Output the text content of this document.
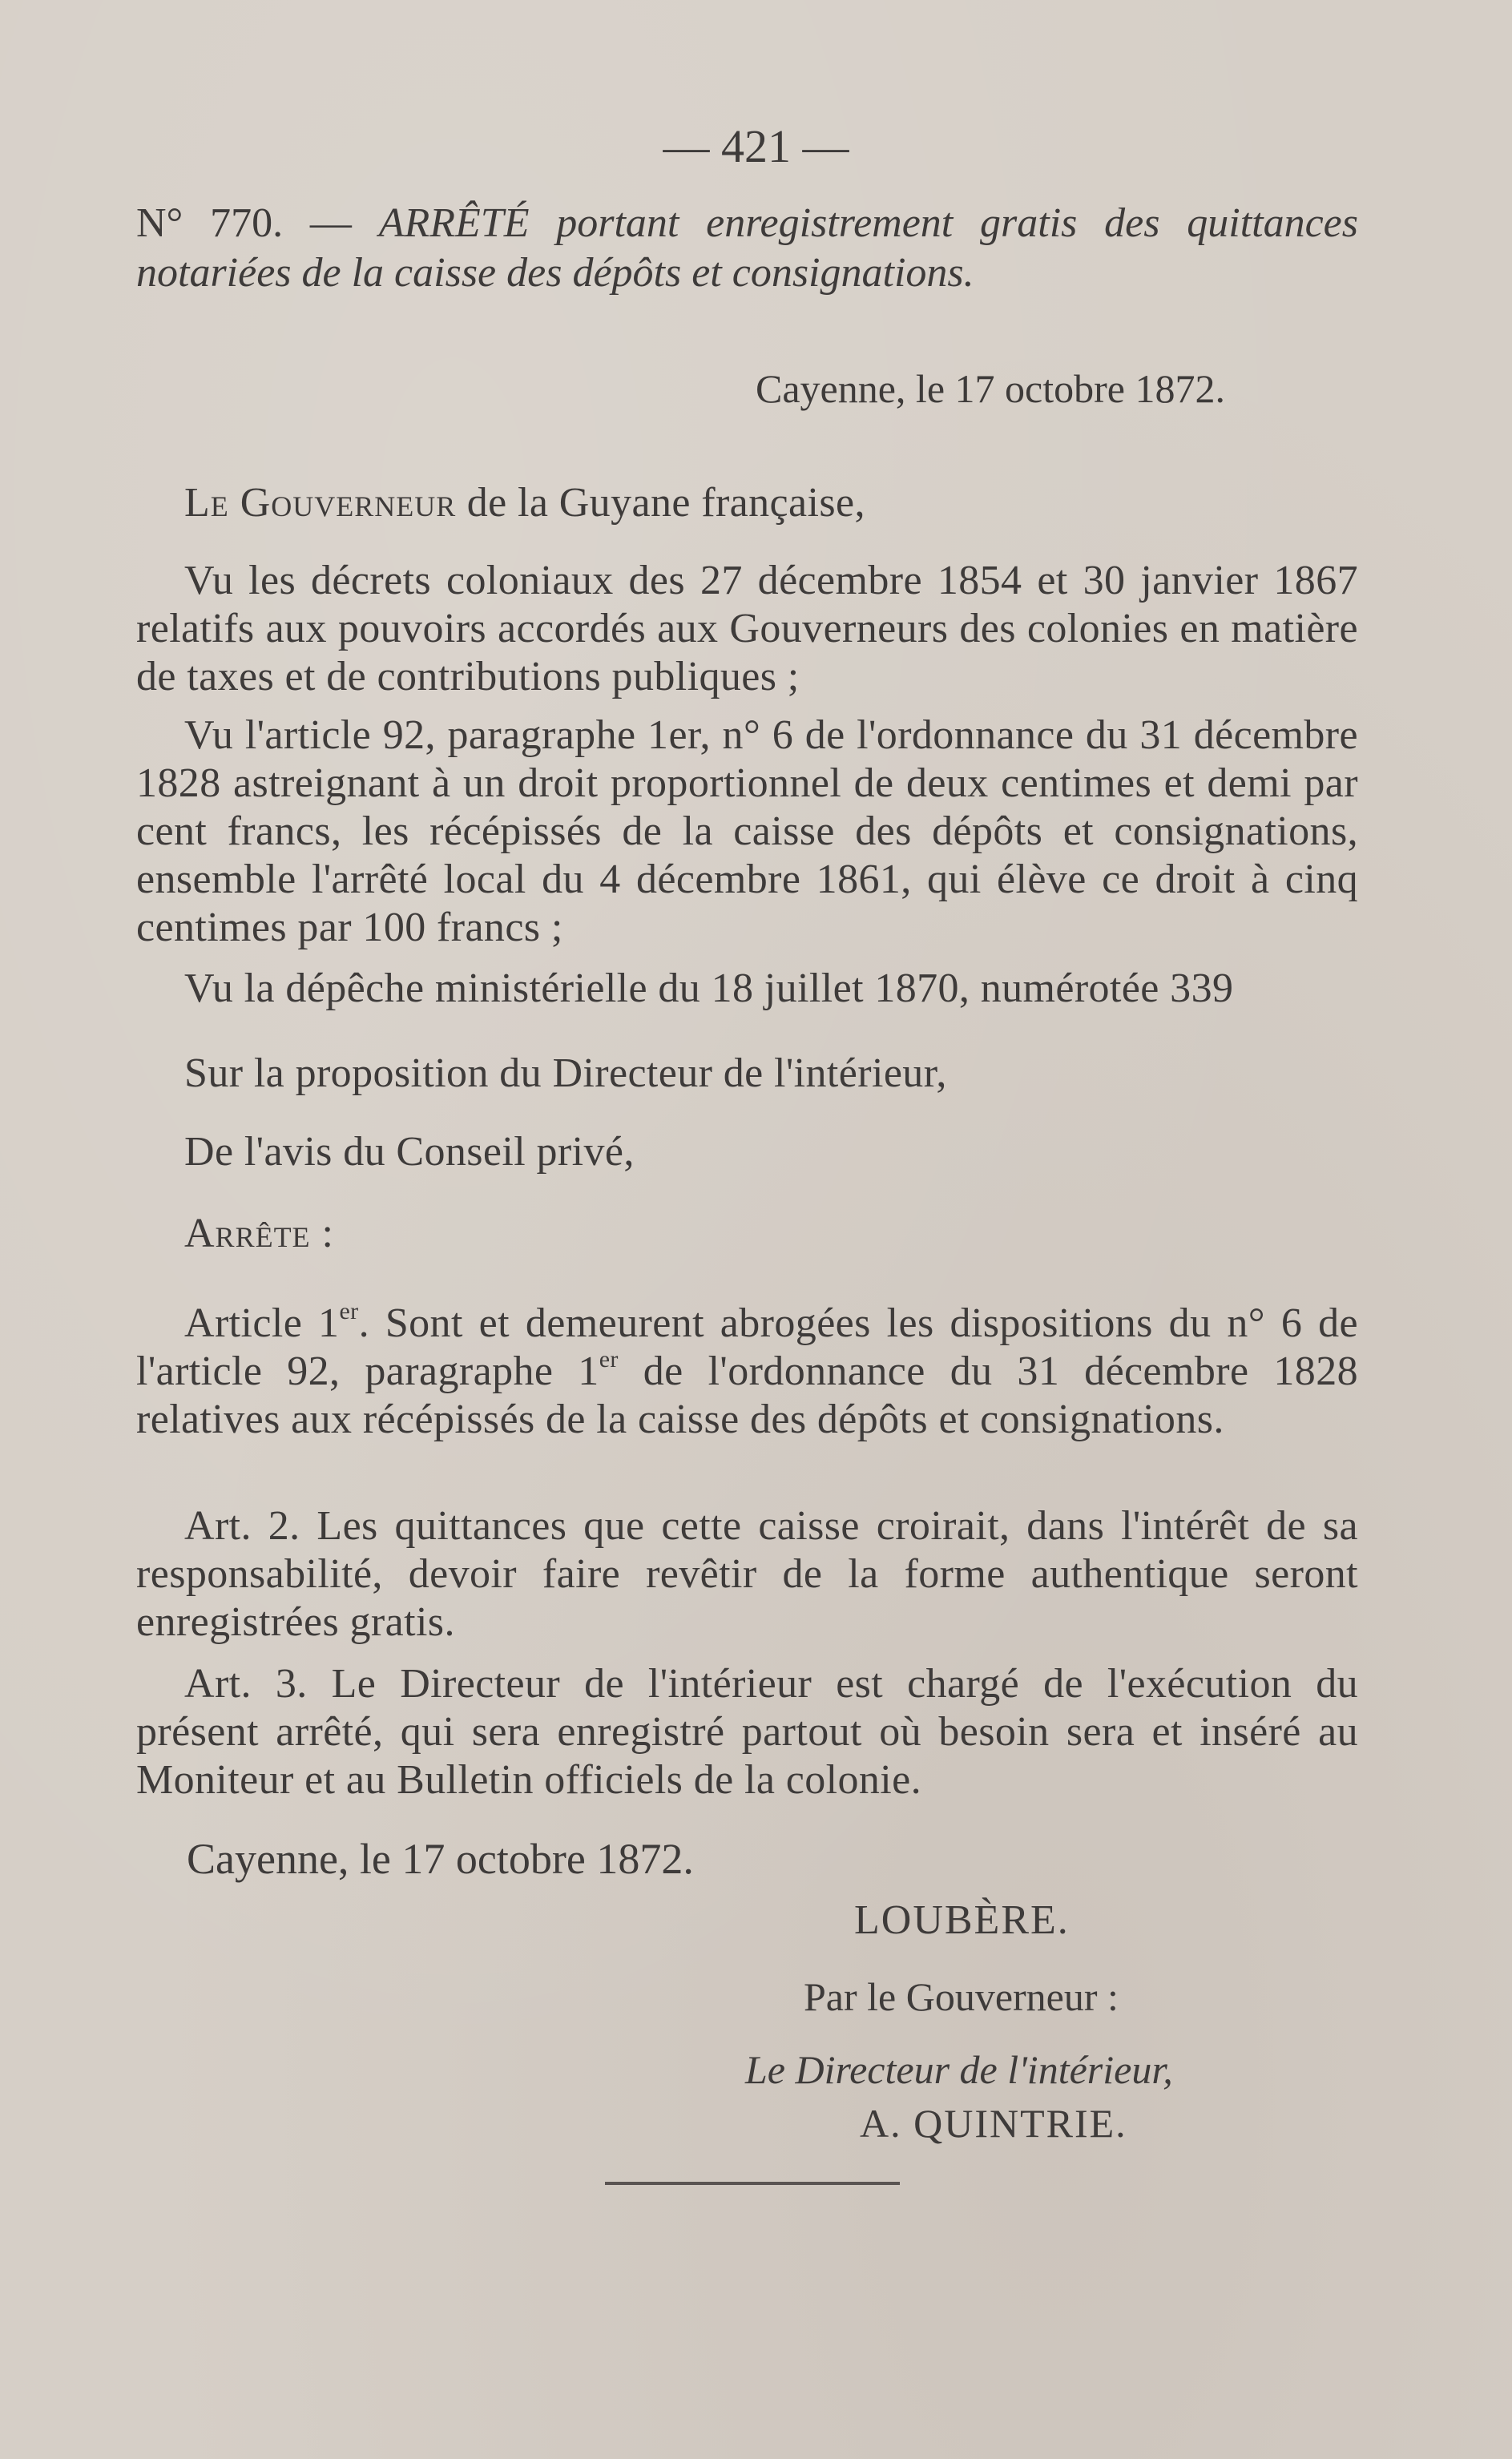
— 421 —
N° 770. — ARRÊTÉ portant enregistrement gratis des quittances notariées de la caisse des dépôts et consignations.
Cayenne, le 17 octobre 1872.
Le Gouverneur de la Guyane française,
Vu les décrets coloniaux des 27 décembre 1854 et 30 janvier 1867 relatifs aux pouvoirs accordés aux Gouverneurs des colonies en matière de taxes et de contributions publiques ;
Vu l'article 92, paragraphe 1er, n° 6 de l'ordonnance du 31 décembre 1828 astreignant à un droit proportionnel de deux centimes et demi par cent francs, les récépissés de la caisse des dépôts et consignations, ensemble l'arrêté local du 4 décembre 1861, qui élève ce droit à cinq centimes par 100 francs ;
Vu la dépêche ministérielle du 18 juillet 1870, numérotée 339
Sur la proposition du Directeur de l'intérieur,
De l'avis du Conseil privé,
Arrête :
Article 1er. Sont et demeurent abrogées les dispositions du n° 6 de l'article 92, paragraphe 1er de l'ordonnance du 31 décembre 1828 relatives aux récépissés de la caisse des dépôts et consignations.
Art. 2. Les quittances que cette caisse croirait, dans l'intérêt de sa responsabilité, devoir faire revêtir de la forme authentique seront enregistrées gratis.
Art. 3. Le Directeur de l'intérieur est chargé de l'exécution du présent arrêté, qui sera enregistré partout où besoin sera et inséré au Moniteur et au Bulletin officiels de la colonie.
Cayenne, le 17 octobre 1872.
LOUBÈRE.
Par le Gouverneur :
Le Directeur de l'intérieur,
A. QUINTRIE.
